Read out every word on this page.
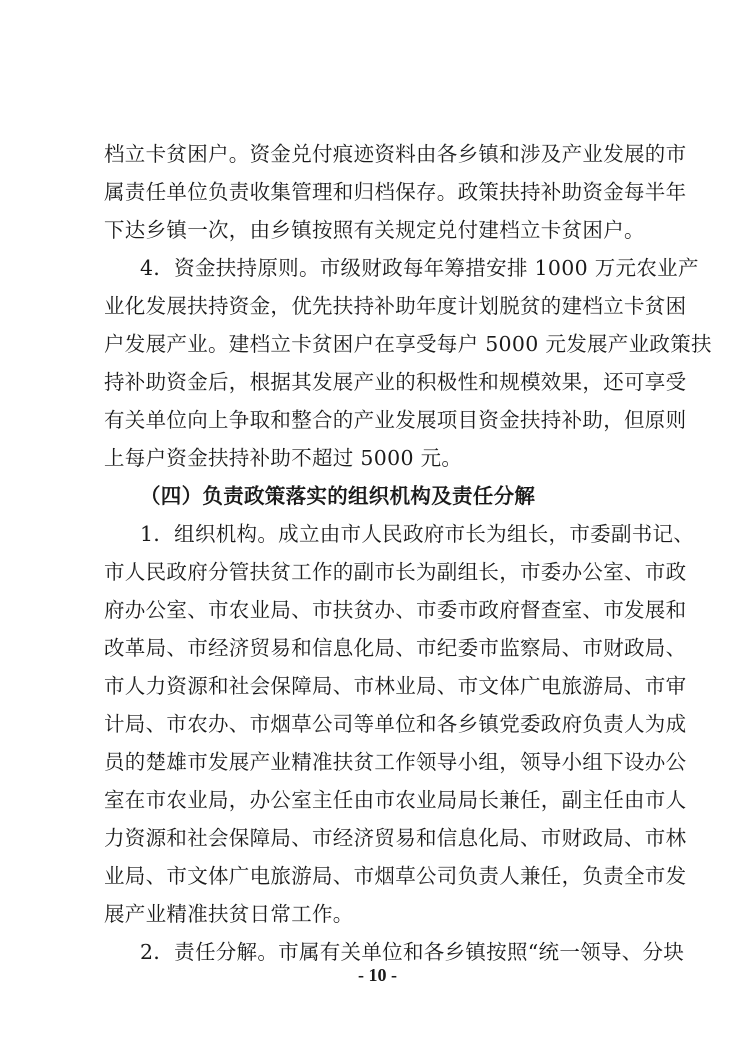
档立卡贫困户。资金兑付痕迹资料由各乡镇和涉及产业发展的市
属责任单位负责收集管理和归档保存。政策扶持补助资金每半年
下达乡镇一次，由乡镇按照有关规定兑付建档立卡贫困户。
4．资金扶持原则。市级财政每年筹措安排 1000 万元农业产
业化发展扶持资金，优先扶持补助年度计划脱贫的建档立卡贫困
户发展产业。建档立卡贫困户在享受每户 5000 元发展产业政策扶
持补助资金后，根据其发展产业的积极性和规模效果，还可享受
有关单位向上争取和整合的产业发展项目资金扶持补助，但原则
上每户资金扶持补助不超过 5000 元。
（四）负责政策落实的组织机构及责任分解
1．组织机构。成立由市人民政府市长为组长，市委副书记、
市人民政府分管扶贫工作的副市长为副组长，市委办公室、市政
府办公室、市农业局、市扶贫办、市委市政府督查室、市发展和
改革局、市经济贸易和信息化局、市纪委市监察局、市财政局、
市人力资源和社会保障局、市林业局、市文体广电旅游局、市审
计局、市农办、市烟草公司等单位和各乡镇党委政府负责人为成
员的楚雄市发展产业精准扶贫工作领导小组，领导小组下设办公
室在市农业局，办公室主任由市农业局局长兼任，副主任由市人
力资源和社会保障局、市经济贸易和信息化局、市财政局、市林
业局、市文体广电旅游局、市烟草公司负责人兼任，负责全市发
展产业精准扶贫日常工作。
2．责任分解。市属有关单位和各乡镇按照“统一领导、分块
- 10 -
